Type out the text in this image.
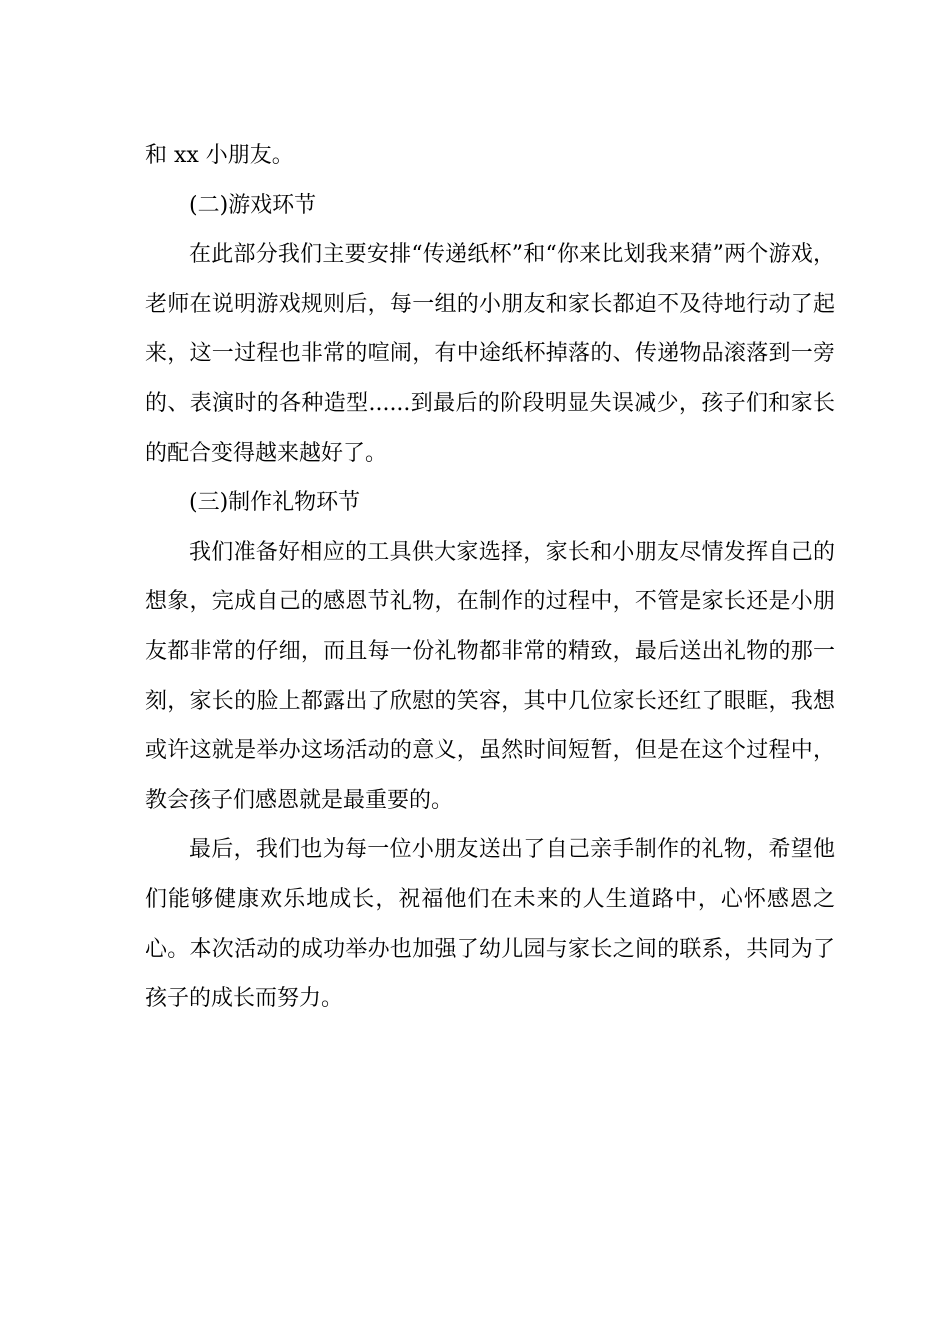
和 xx 小朋友。

(二)游戏环节

在此部分我们主要安排“传递纸杯”和“你来比划我来猜”两个游戏，老师在说明游戏规则后，每一组的小朋友和家长都迫不及待地行动了起来，这一过程也非常的喧闹，有中途纸杯掉落的、传递物品滚落到一旁的、表演时的各种造型......到最后的阶段明显失误减少，孩子们和家长的配合变得越来越好了。

(三)制作礼物环节

我们准备好相应的工具供大家选择，家长和小朋友尽情发挥自己的想象，完成自己的感恩节礼物，在制作的过程中，不管是家长还是小朋友都非常的仔细，而且每一份礼物都非常的精致，最后送出礼物的那一刻，家长的脸上都露出了欣慰的笑容，其中几位家长还红了眼眶，我想或许这就是举办这场活动的意义，虽然时间短暂，但是在这个过程中，教会孩子们感恩就是最重要的。

最后，我们也为每一位小朋友送出了自己亲手制作的礼物，希望他们能够健康欢乐地成长，祝福他们在未来的人生道路中，心怀感恩之心。本次活动的成功举办也加强了幼儿园与家长之间的联系，共同为了孩子的成长而努力。
